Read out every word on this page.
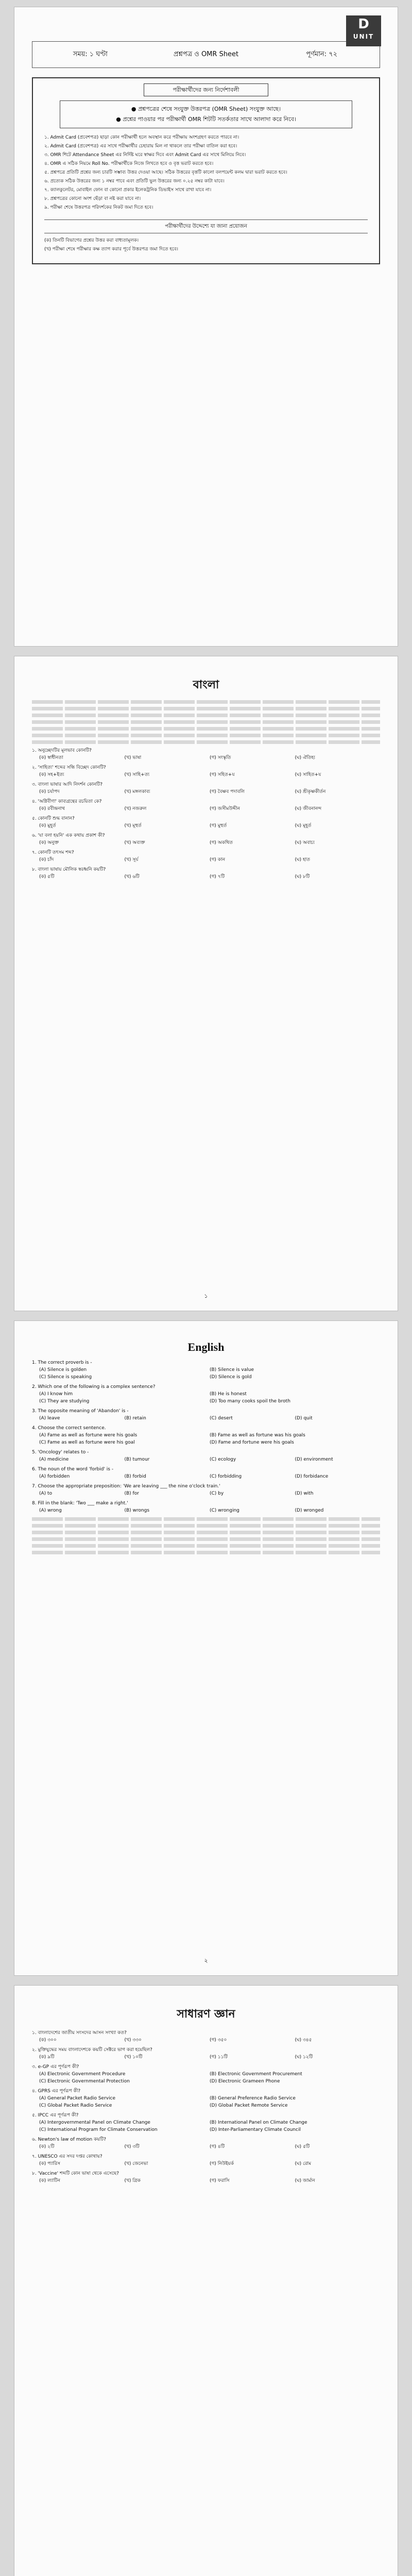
D
UNIT
সময়: ১ ঘণ্টা	প্রশ্নপত্র ও OMR Sheet	পূর্ণমান: ৭২
পরীক্ষার্থীদের জন্য নির্দেশাবলী
● প্রশ্নপত্রের শেষে সংযুক্ত উত্তরপত্র (OMR Sheet) সংযুক্ত আছে।
● প্রশ্নের পাওয়ার পর পরীক্ষার্থী OMR শিটটি সতর্কতার সাথে আলাদা করে নিবে।
১. Admit Card (প্রবেশপত্র) ছাড়া কোন পরীক্ষার্থী হলে অবস্থান করে পরীক্ষায় অংশগ্রহণ করতে পারবে না।
২. Admit Card (প্রবেশপত্র) এর সাথে পরীক্ষার্থীর চেহারায় মিল না থাকলে তার পরীক্ষা বাতিল করা হবে।
৩. OMR শিটে Attendance Sheet এর নির্দিষ্ট ঘরে স্বাক্ষর দিবে এবং Admit Card এর সাথে মিলিয়ে নিবে।
৪. OMR এ সঠিক নিয়মে Roll No. পরীক্ষার্থীকে নিজে লিখতে হবে ও বৃত্ত ভরাট করতে হবে।
৫. প্রশ্নপত্রে প্রতিটি প্রশ্নের জন্য চারটি সম্ভাব্য উত্তর দেওয়া আছে। সঠিক উত্তরের বৃত্তটি কালো বলপয়েন্ট কলম দ্বারা ভরাট করতে হবে।
৬. প্রত্যেক সঠিক উত্তরের জন্য ১ নম্বর পাবে এবং প্রতিটি ভুল উত্তরের জন্য ০.২৫ নম্বর কাটা যাবে।
৭. ক্যালকুলেটর, মোবাইল ফোন বা কোনো প্রকার ইলেকট্রনিক ডিভাইস সাথে রাখা যাবে না।
৮. প্রশ্নপত্রের কোনো অংশ ছেঁড়া বা নষ্ট করা যাবে না।
৯. পরীক্ষা শেষে উত্তরপত্র পরিদর্শকের নিকট জমা দিতে হবে।
পরীক্ষার্থীদের উদ্দেশ্যে যা জানা প্রয়োজন
(ক) তিনটি বিভাগের প্রশ্নের উত্তর করা বাধ্যতামূলক।
(খ) পরীক্ষা শেষে পরীক্ষার কক্ষ ত্যাগ করার পূর্বে উত্তরপত্র জমা দিতে হবে।
বাংলা
১. অনুচ্ছেদটির মূলভাব কোনটি?
(ক) স্বাধীনতা	(খ) ভাষা	(গ) সংস্কৃতি	(ঘ) ঐতিহ্য
২. 'সাহিত্য' শব্দের সন্ধি বিচ্ছেদ কোনটি?
(ক) সহ+ইত্য	(খ) সাহি+ত্য	(গ) সহিত+য	(ঘ) সাহিত+য
৩. বাংলা ভাষার আদি নিদর্শন কোনটি?
(ক) চর্যাপদ	(খ) মঙ্গলকাব্য	(গ) বৈষ্ণব পদাবলি	(ঘ) শ্রীকৃষ্ণকীর্তন
৪. 'অগ্নিবীণা' কাব্যগ্রন্থের রচয়িতা কে?
(ক) রবীন্দ্রনাথ	(খ) নজরুল	(গ) জসীমউদ্দীন	(ঘ) জীবনানন্দ
৫. কোনটি শুদ্ধ বানান?
(ক) মুহূর্ত	(খ) মূহুর্ত	(গ) মুহুর্ত	(ঘ) মূহূর্ত
৬. 'যা বলা হয়নি' এক কথায় প্রকাশ কী?
(ক) অনুক্ত	(খ) অব্যক্ত	(গ) অকথিত	(ঘ) অবাচ্য
৭. কোনটি তৎসম শব্দ?
(ক) চাঁদ	(খ) সূর্য	(গ) কান	(ঘ) হাত
৮. বাংলা ভাষায় মৌলিক স্বরধ্বনি কয়টি?
(ক) ৫টি	(খ) ৬টি	(গ) ৭টি	(ঘ) ৮টি
১
English
1. The correct proverb is -
(A) Silence is golden	(B) Silence is value
(C) Silence is speaking	(D) Silence is gold
2. Which one of the following is a complex sentence?
(A) I know him	(B) He is honest
(C) They are studying	(D) Too many cooks spoil the broth
3. The opposite meaning of 'Abandon' is -
(A) leave	(B) retain	(C) desert	(D) quit
4. Choose the correct sentence.
(A) Fame as well as fortune were his goals	(B) Fame as well as fortune was his goals
(C) Fame as well as fortune were his goal	(D) Fame and fortune were his goals
5. 'Oncology' relates to -
(A) medicine	(B) tumour	(C) ecology	(D) environment
6. The noun of the word 'forbid' is -
(A) forbidden	(B) forbid	(C) forbidding	(D) forbidance
7. Choose the appropriate preposition: 'We are leaving ___ the nine o'clock train.'
(A) to	(B) for	(C) by	(D) with
8. Fill in the blank: 'Two ___ make a right.'
(A) wrong	(B) wrongs	(C) wronging	(D) wronged
২
সাধারণ জ্ঞান
১. বাংলাদেশের জাতীয় সংসদের আসন সংখ্যা কত?
(ক) ৩০০	(খ) ৩৩০	(গ) ৩৫০	(ঘ) ৩৪৫
২. মুক্তিযুদ্ধের সময় বাংলাদেশকে কয়টি সেক্টরে ভাগ করা হয়েছিল?
(ক) ৯টি	(খ) ১০টি	(গ) ১১টি	(ঘ) ১২টি
৩. e-GP এর পূর্ণরূপ কী?
(A) Electronic Government Procedure	(B) Electronic Government Procurement
(C) Electronic Governmental Protection	(D) Electronic Grameen Phone
৪. GPRS এর পূর্ণরূপ কী?
(A) General Packet Radio Service	(B) General Preference Radio Service
(C) Global Packet Radio Service	(D) Global Packet Remote Service
৫. IPCC এর পূর্ণরূপ কী?
(A) Intergovernmental Panel on Climate Change	(B) International Panel on Climate Change
(C) International Program for Climate Conservation	(D) Inter-Parliamentary Climate Council
৬. Newton's law of motion কয়টি?
(ক) ২টি	(খ) ৩টি	(গ) ৪টি	(ঘ) ৫টি
৭. UNESCO এর সদর দপ্তর কোথায়?
(ক) প্যারিস	(খ) জেনেভা	(গ) নিউইয়র্ক	(ঘ) রোম
৮. 'Vaccine' শব্দটি কোন ভাষা থেকে এসেছে?
(ক) ল্যাটিন	(খ) গ্রিক	(গ) ফরাসি	(ঘ) জার্মান
